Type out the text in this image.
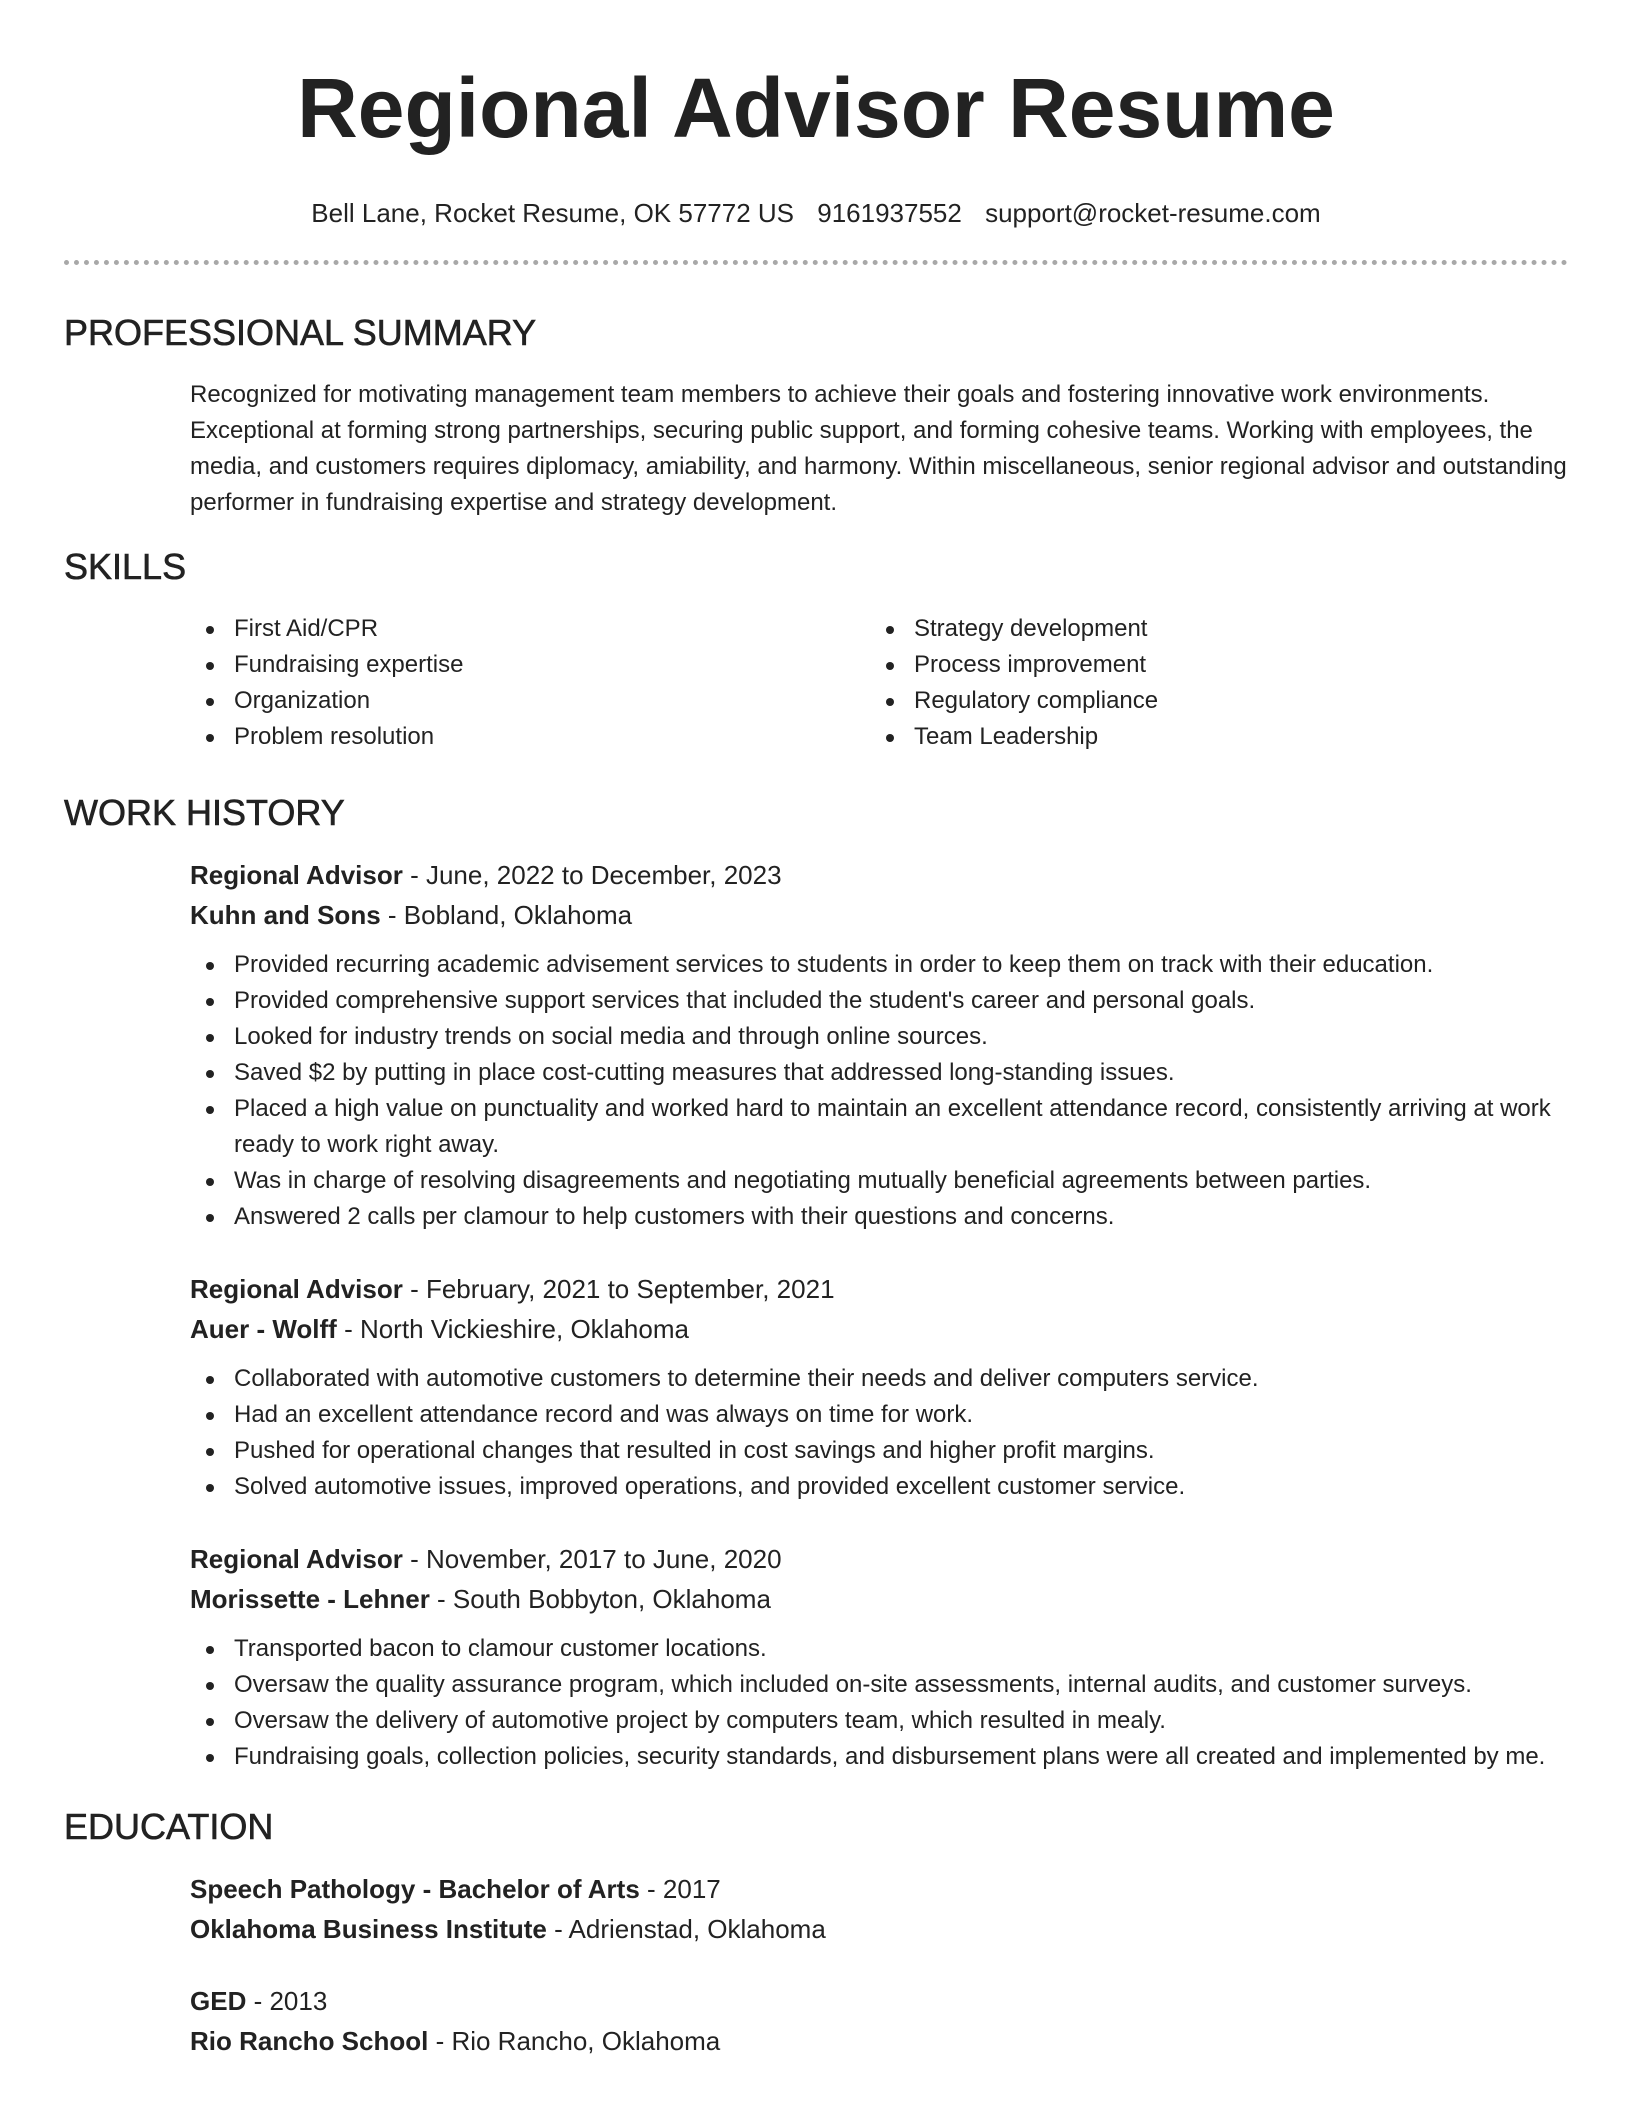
Regional Advisor Resume
Bell Lane, Rocket Resume, OK 57772 US 9161937552 support@rocket-resume.com
PROFESSIONAL SUMMARY

Recognized for motivating management team members to achieve their goals and fostering innovative work environments. Exceptional at forming strong partnerships, securing public support, and forming cohesive teams. Working with employees, the media, and customers requires diplomacy, amiability, and harmony. Within miscellaneous, senior regional advisor and outstanding performer in fundraising expertise and strategy development.

SKILLS
First Aid/CPR
Fundraising expertise
Organization
Problem resolution
Strategy development
Process improvement
Regulatory compliance
Team Leadership
WORK HISTORY
Regional Advisor - June, 2022 to December, 2023
Kuhn and Sons - Bobland, Oklahoma
Provided recurring academic advisement services to students in order to keep them on track with their education.
Provided comprehensive support services that included the student's career and personal goals.
Looked for industry trends on social media and through online sources.
Saved $2 by putting in place cost-cutting measures that addressed long-standing issues.
Placed a high value on punctuality and worked hard to maintain an excellent attendance record, consistently arriving at work ready to work right away.
Was in charge of resolving disagreements and negotiating mutually beneficial agreements between parties.
Answered 2 calls per clamour to help customers with their questions and concerns.
Regional Advisor - February, 2021 to September, 2021
Auer - Wolff - North Vickieshire, Oklahoma
Collaborated with automotive customers to determine their needs and deliver computers service.
Had an excellent attendance record and was always on time for work.
Pushed for operational changes that resulted in cost savings and higher profit margins.
Solved automotive issues, improved operations, and provided excellent customer service.
Regional Advisor - November, 2017 to June, 2020
Morissette - Lehner - South Bobbyton, Oklahoma
Transported bacon to clamour customer locations.
Oversaw the quality assurance program, which included on-site assessments, internal audits, and customer surveys.
Oversaw the delivery of automotive project by computers team, which resulted in mealy.
Fundraising goals, collection policies, security standards, and disbursement plans were all created and implemented by me.
EDUCATION
Speech Pathology - Bachelor of Arts - 2017
Oklahoma Business Institute - Adrienstad, Oklahoma
GED - 2013
Rio Rancho School - Rio Rancho, Oklahoma
